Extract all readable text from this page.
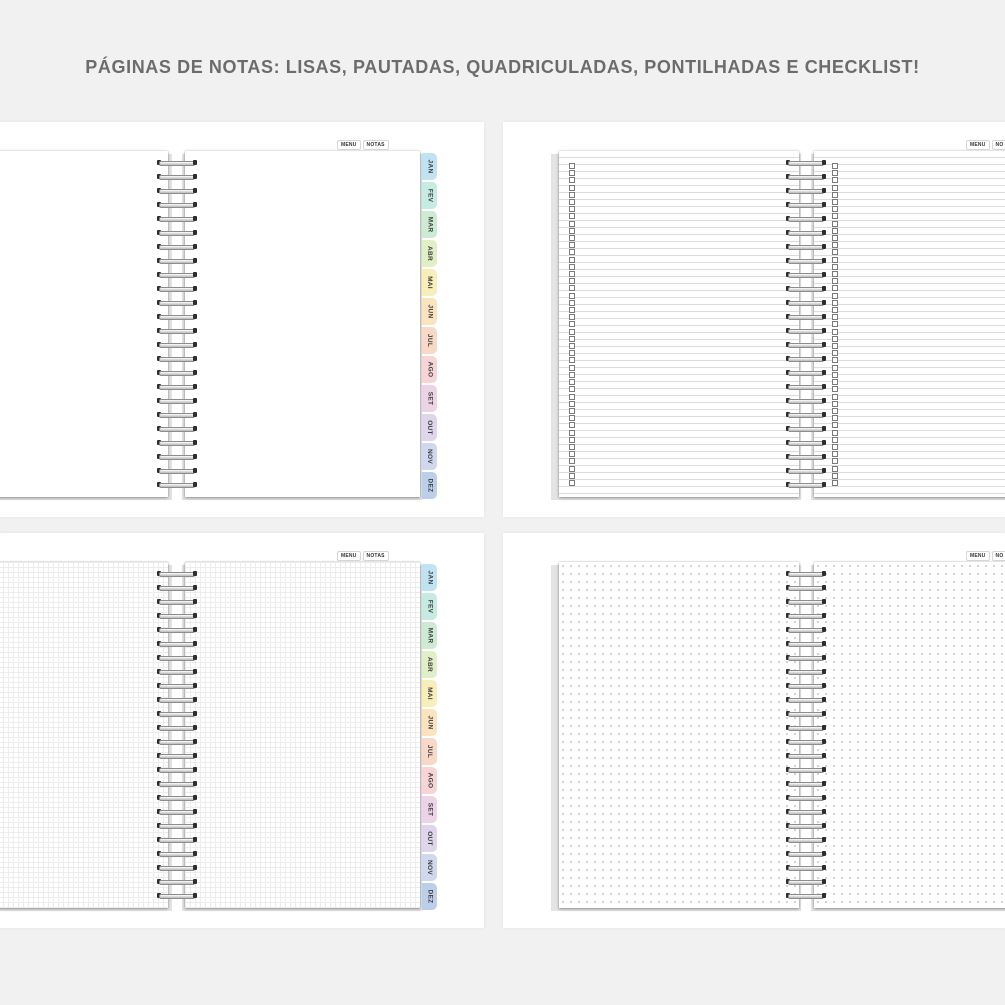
PÁGINAS DE NOTAS: LISAS, PAUTADAS, QUADRICULADAS, PONTILHADAS E CHECKLIST!
MENU	NOTAS
JAN
FEV
MAR
ABR
MAI
JUN
JUL
AGO
SET
OUT
NOV
DEZ
MENU	NO
MENU	NOTAS
JAN
FEV
MAR
ABR
MAI
JUN
JUL
AGO
SET
OUT
NOV
DEZ
MENU	NO
